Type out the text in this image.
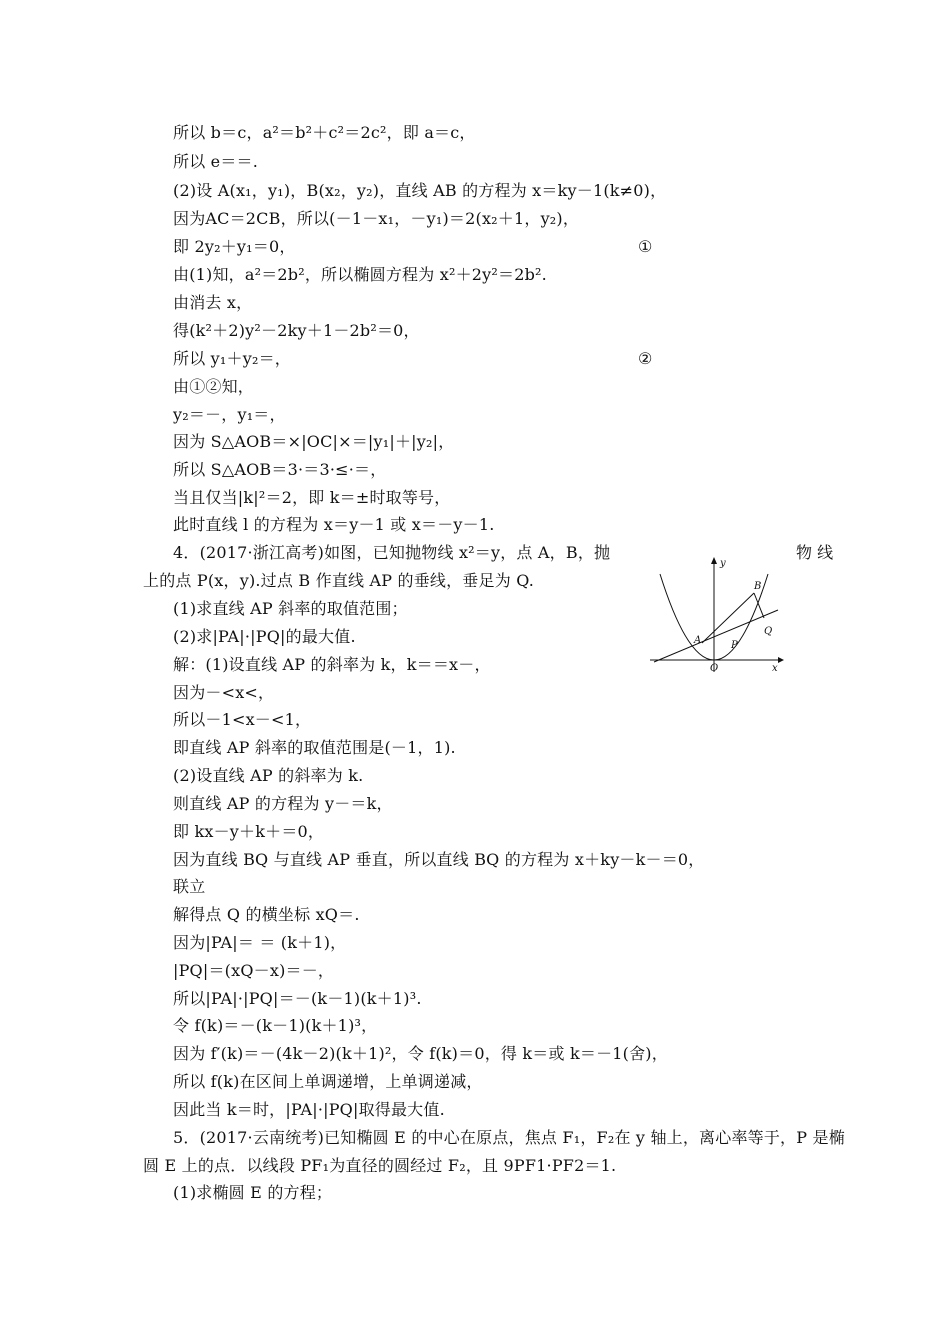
所以 b＝c，a²＝b²＋c²＝2c²，即 a＝c，
所以 e＝＝.
(2)设 A(x₁，y₁)，B(x₂，y₂)，直线 AB 的方程为 x＝ky－1(k≠0)，
因为AC＝2CB，所以(－1－x₁，－y₁)＝2(x₂＋1，y₂)，
即 2y₂＋y₁＝0，	①
由(1)知，a²＝2b²，所以椭圆方程为 x²＋2y²＝2b².
由消去 x，
得(k²＋2)y²－2ky＋1－2b²＝0，
所以 y₁＋y₂＝，	②
由①②知，
y₂＝－，y₁＝，
因为 S△AOB＝×|OC|×＝|y₁|＋|y₂|，
所以 S△AOB＝3·＝3·≤·＝，
当且仅当|k|²＝2，即 k＝±时取等号，
此时直线 l 的方程为 x＝y－1 或 x＝－y－1.
4．(2017·浙江高考)如图，已知抛物线 x²＝y，点 A，B，抛	物 线
上的点 P(x，y).过点 B 作直线 AP 的垂线，垂足为 Q.
(1)求直线 AP 斜率的取值范围；
(2)求|PA|·|PQ|的最大值.
解：(1)设直线 AP 的斜率为 k，k＝＝x－，
因为－<x<，
所以－1<x－<1，
即直线 AP 斜率的取值范围是(－1，1).
(2)设直线 AP 的斜率为 k.
则直线 AP 的方程为 y－＝k，
即 kx－y＋k＋＝0，
因为直线 BQ 与直线 AP 垂直，所以直线 BQ 的方程为 x＋ky－k－＝0，
联立
解得点 Q 的横坐标 xQ＝.
因为|PA|＝ ＝ (k＋1)，
|PQ|＝(xQ－x)＝－，
所以|PA|·|PQ|＝－(k－1)(k＋1)³.
令 f(k)＝－(k－1)(k＋1)³，
因为 f′(k)＝－(4k－2)(k＋1)²，令 f(k)＝0，得 k＝或 k＝－1(舍)，
所以 f(k)在区间上单调递增，上单调递减，
因此当 k＝时，|PA|·|PQ|取得最大值.
5．(2017·云南统考)已知椭圆 E 的中心在原点，焦点 F₁，F₂在 y 轴上，离心率等于，P 是椭
圆 E 上的点．以线段 PF₁为直径的圆经过 F₂，且 9PF1·PF2＝1.
(1)求椭圆 E 的方程；
y
x
O
A
B
P
Q
